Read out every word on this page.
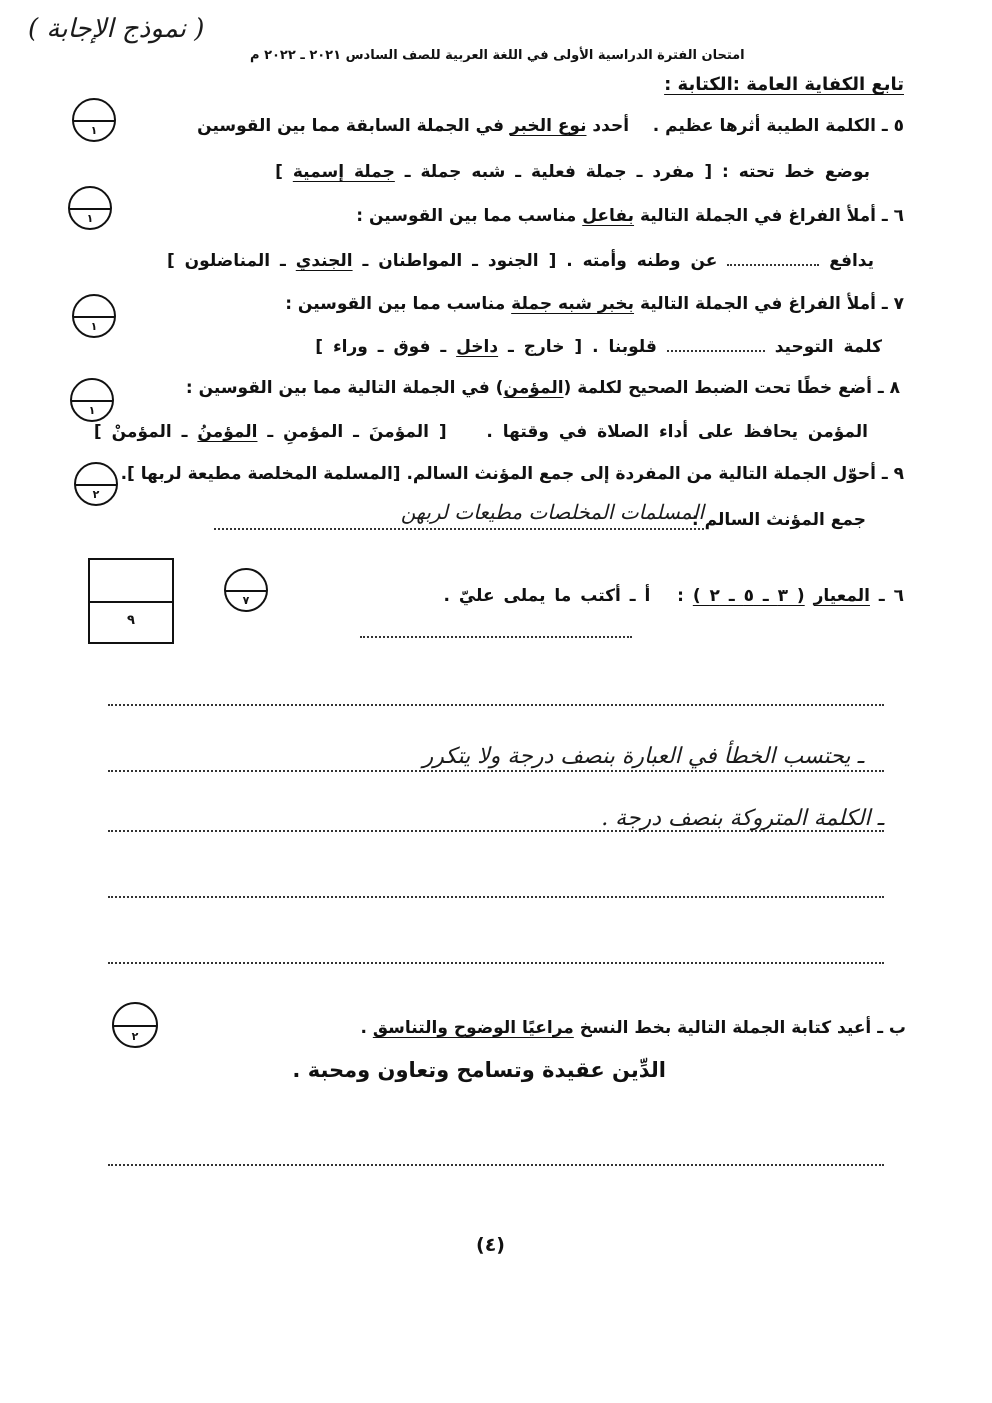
( نموذج الإجابة )
امتحان الفترة الدراسية الأولى في اللغة العربية للصف السادس ٢٠٢١ ـ ٢٠٢٢ م
تابع الكفاية العامة :الكتابة :
١	٥ ـ الكلمة الطيبة أثرها عظيم .    أحدد نوع الخبر في الجملة السابقة مما بين القوسين
بوضع خط تحته : [ مفرد ـ جملة فعلية ـ شبه جملة ـ جملة إسمية ]
١	٦ ـ أملأ الفراغ في الجملة التالية بفاعل مناسب مما بين القوسين :
يدافع  عن وطنه وأمته . [ الجنود ـ المواطنان ـ الجندي ـ المناضلون ]
١
٧ ـ أملأ الفراغ في الجملة التالية بخبر شبه جملة مناسب مما بين القوسين :
كلمة التوحيد  قلوبنا . [ خارج ـ داخل ـ فوق ـ وراء ]
١
٨ ـ أضع خطًا تحت الضبط الصحيح لكلمة (المؤمن) في الجملة التالية مما بين القوسين :
المؤمن يحافظ على أداء الصلاة في وقتها .    [ المؤمنَ ـ المؤمنِ ـ المؤمنُ ـ المؤمنْ ]
٢
٩ ـ أحوّل الجملة التالية من المفردة إلى جمع المؤنث السالم. [المسلمة المخلصة مطيعة لربها ].
جمع المؤنث السالم :
المسلمات المخلصات مطيعات لربهن
٩
٧	٦ ـ المعيار ( ٣ ـ ٥ ـ ٢ ) :   أ ـ أكتب ما يملى عليّ .
ـ يحتسب الخطأ في العبارة بنصف درجة ولا يتكرر
ـ الكلمة المتروكة بنصف درجة .
٢	ب ـ أعيد كتابة الجملة التالية بخط النسخ مراعيًا الوضوح والتناسق .
الدِّين عقيدة وتسامح وتعاون ومحبة .
(٤)
